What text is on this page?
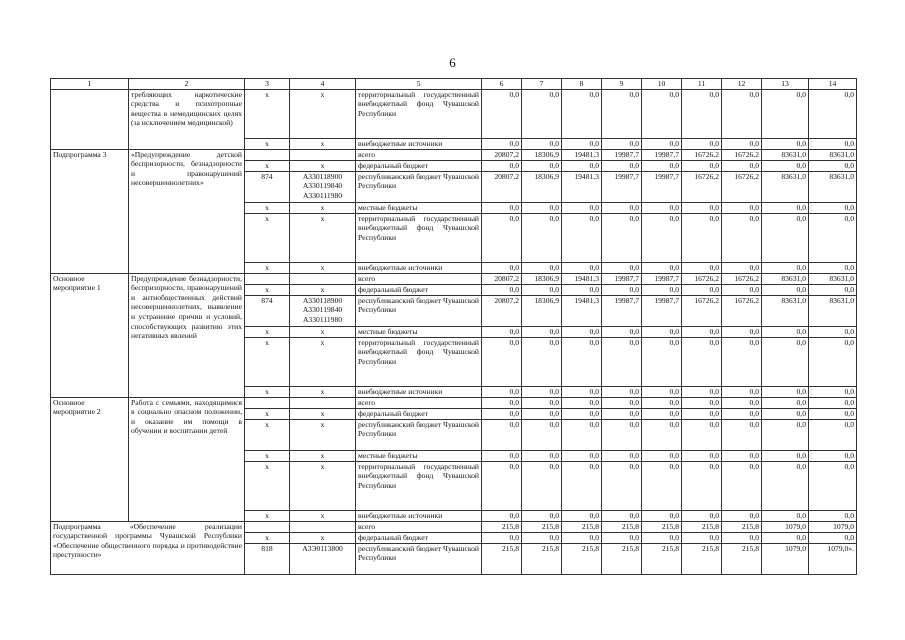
6
1	2	3	4	5	6	7	8	9	10	11	12	13	14
	требляющих наркотические средства и психотропные вещества в немедицинских целях (за исключением медицинской)	х	х	территориальный государственный внебюджетный фонд Чувашской Республики	0,0	0,0	0,0	0,0	0,0	0,0	0,0	0,0	0,0
		х	х	внебюджетные источники	0,0	0,0	0,0	0,0	0,0	0,0	0,0	0,0	0,0
Подпрограмма 3	«Предупреждение детской беспризорности, безнадзорности и правонарушений несовершеннолетних»			всего	20807,2	18306,9	19481,3	19987,7	19987,7	16726,2	16726,2	83631,0	83631,0
		х	х	федеральный бюджет	0,0	0,0	0,0	0,0	0,0	0,0	0,0	0,0	0,0
		874	А330118900 А330119840 А330111980	республиканский бюджет Чувашской Республики	20807,2	18306,9	19481,3	19987,7	19987,7	16726,2	16726,2	83631,0	83631,0
		х	х	местные бюджеты	0,0	0,0	0,0	0,0	0,0	0,0	0,0	0,0	0,0
		х	х	территориальный государственный внебюджетный фонд Чувашской Республики	0,0	0,0	0,0	0,0	0,0	0,0	0,0	0,0	0,0
		х	х	внебюджетные источники	0,0	0,0	0,0	0,0	0,0	0,0	0,0	0,0	0,0
Основное мероприятие 1	Предупреждение безнадзорности, беспризорности, правонарушений и антиобщественных действий несовершеннолетних, выявление и устранение причин и условий, способствующих развитию этих негативных явлений			всего	20807,2	18306,9	19481,3	19987,7	19987,7	16726,2	16726,2	83631,0	83631,0
		х	х	федеральный бюджет	0,0	0,0	0,0	0,0	0,0	0,0	0,0	0,0	0,0
		874	А330118900 А330119840 А330111980	республиканский бюджет Чувашской Республики	20807,2	18306,9	19481,3	19987,7	19987,7	16726,2	16726,2	83631,0	83631,0
		х	х	местные бюджеты	0,0	0,0	0,0	0,0	0,0	0,0	0,0	0,0	0,0
		х	х	территориальный государственный внебюджетный фонд Чувашской Республики	0,0	0,0	0,0	0,0	0,0	0,0	0,0	0,0	0,0
		х	х	внебюджетные источники	0,0	0,0	0,0	0,0	0,0	0,0	0,0	0,0	0,0
Основное мероприятие 2	Работа с семьями, находящимися в социально опасном положении, и оказание им помощи в обучении и воспитании детей			всего	0,0	0,0	0,0	0,0	0,0	0,0	0,0	0,0	0,0
		х	х	федеральный бюджет	0,0	0,0	0,0	0,0	0,0	0,0	0,0	0,0	0,0
		х	х	республиканский бюджет Чувашской Республики	0,0	0,0	0,0	0,0	0,0	0,0	0,0	0,0	0,0
		х	х	местные бюджеты	0,0	0,0	0,0	0,0	0,0	0,0	0,0	0,0	0,0
		х	х	территориальный государственный внебюджетный фонд Чувашской Республики	0,0	0,0	0,0	0,0	0,0	0,0	0,0	0,0	0,0
		х	х	внебюджетные источники	0,0	0,0	0,0	0,0	0,0	0,0	0,0	0,0	0,0
Подпрограмма «Обеспечение реализации государственной программы Чувашской Республики «Обеспечение общественного порядка и противодействие преступности»				всего	215,8	215,8	215,8	215,8	215,8	215,8	215,8	1079,0	1079,0
		х	х	федеральный бюджет	0,0	0,0	0,0	0,0	0,0	0,0	0,0	0,0	0,0
		818	А3Э0113800	республиканский бюджет Чувашской Республики	215,8	215,8	215,8	215,8	215,8	215,8	215,8	1079,0	1079,0».
